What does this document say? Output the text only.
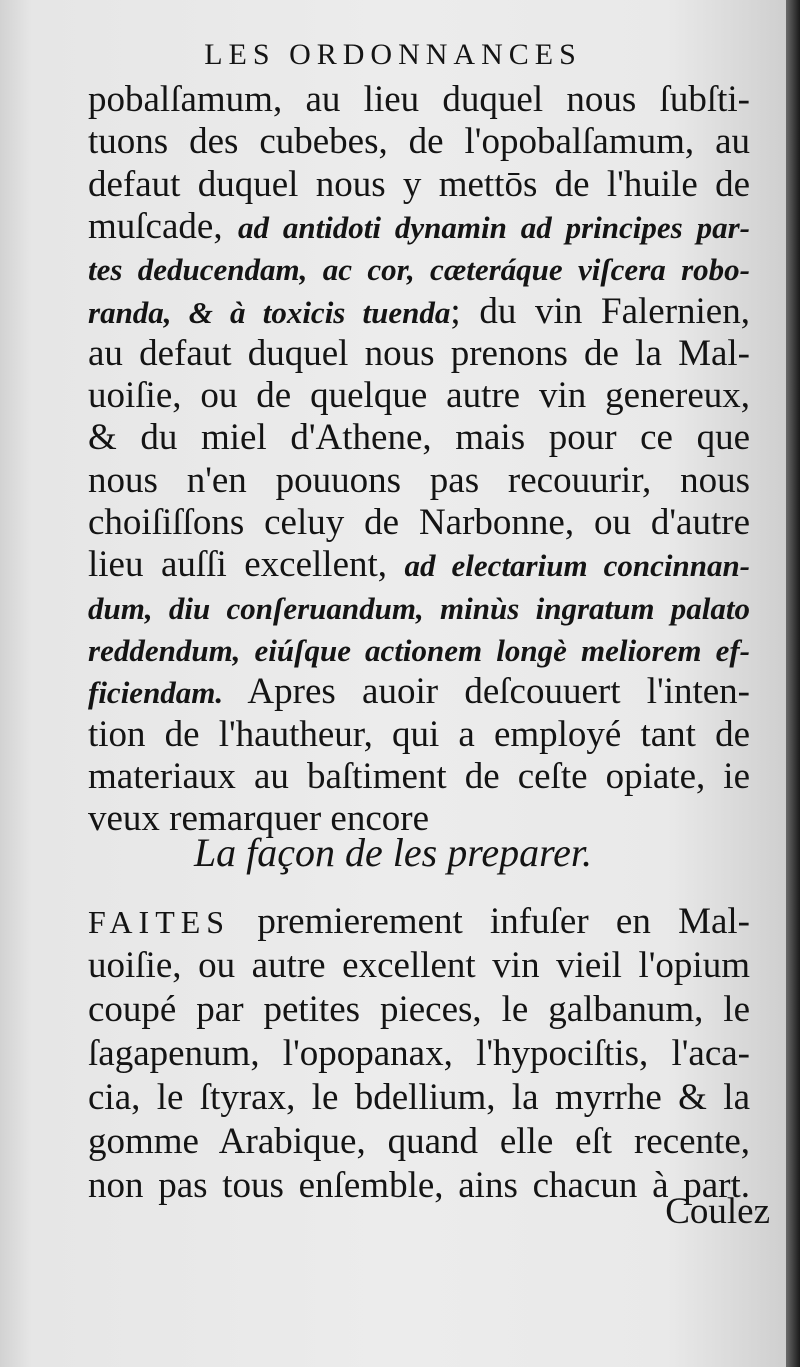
LES ORDONNANCES
pobalſamum, au lieu duquel nous ſubſti-
tuons des cubebes, de l'opobalſamum, au
defaut duquel nous y mettōs de l'huile de
muſcade, ad antidoti dynamin ad principes par-
tes deducendam, ac cor, cæteráque viſcera robo-
randa, & à toxicis tuenda; du vin Falernien,
au defaut duquel nous prenons de la Mal-
uoiſie, ou de quelque autre vin genereux,
& du miel d'Athene, mais pour ce que
nous n'en pouuons pas recouurir, nous
choiſiſſons celuy de Narbonne, ou d'autre
lieu auſſi excellent, ad electarium concinnan-
dum, diu conſeruandum, minùs ingratum palato
reddendum, eiúſque actionem longè meliorem ef-
ficiendam. Apres auoir deſcouuert l'inten-
tion de l'hautheur, qui a employé tant de
materiaux au baſtiment de ceſte opiate, ie
veux remarquer encore
La façon de les preparer.
FAITES premierement infuſer en Mal-
uoiſie, ou autre excellent vin vieil l'opium
coupé par petites pieces, le galbanum, le
ſagapenum, l'opopanax, l'hypociſtis, l'aca-
cia, le ſtyrax, le bdellium, la myrrhe & la
gomme Arabique, quand elle eſt recente,
non pas tous enſemble, ains chacun à part.
Coulez
